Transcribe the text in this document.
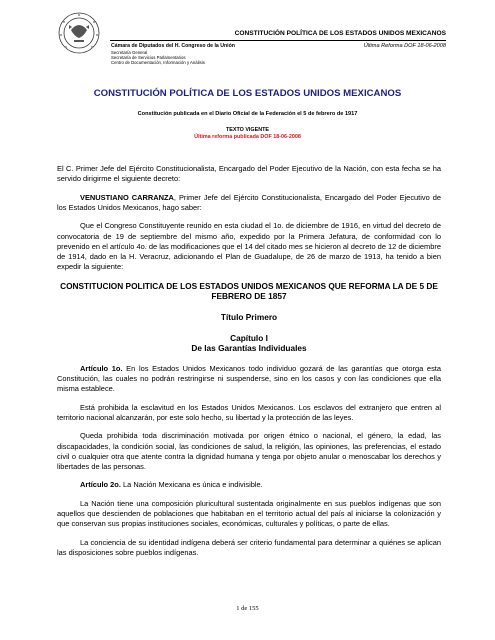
CONSTITUCIÓN POLÍTICA DE LOS ESTADOS UNIDOS MEXICANOS
Cámara de Diputados del H. Congreso de la Unión	Última Reforma DOF 18-06-2008
Secretaría General
Secretaría de Servicios Parlamentarios
Centro de Documentación, Información y Análisis
CONSTITUCIÓN POLÍTICA DE LOS ESTADOS UNIDOS MEXICANOS
Constitución publicada en el Diario Oficial de la Federación el 5 de febrero de 1917
TEXTO VIGENTE
Última reforma publicada DOF 18-06-2008

El C. Primer Jefe del Ejército Constitucionalista, Encargado del Poder Ejecutivo de la Nación, con esta fecha se ha servido dirigirme el siguiente decreto:

VENUSTIANO CARRANZA, Primer Jefe del Ejército Constitucionalista, Encargado del Poder Ejecutivo de los Estados Unidos Mexicanos, hago saber:

Que el Congreso Constituyente reunido en esta ciudad el 1o. de diciembre de 1916, en virtud del decreto de convocatoria de 19 de septiembre del mismo año, expedido por la Primera Jefatura, de conformidad con lo prevenido en el artículo 4o. de las modificaciones que el 14 del citado mes se hicieron al decreto de 12 de diciembre de 1914, dado en la H. Veracruz, adicionando el Plan de Guadalupe, de 26 de marzo de 1913, ha tenido a bien expedir la siguiente:

CONSTITUCION POLITICA DE LOS ESTADOS UNIDOS MEXICANOS QUE REFORMA LA DE 5 DE FEBRERO DE 1857
Título Primero
Capítulo I
De las Garantías Individuales

Artículo 1o. En los Estados Unidos Mexicanos todo individuo gozará de las garantías que otorga esta Constitución, las cuales no podrán restringirse ni suspenderse, sino en los casos y con las condiciones que ella misma establece.

Está prohibida la esclavitud en los Estados Unidos Mexicanos. Los esclavos del extranjero que entren al territorio nacional alcanzarán, por este solo hecho, su libertad y la protección de las leyes.

Queda prohibida toda discriminación motivada por origen étnico o nacional, el género, la edad, las discapacidades, la condición social, las condiciones de salud, la religión, las opiniones, las preferencias, el estado civil o cualquier otra que atente contra la dignidad humana y tenga por objeto anular o menoscabar los derechos y libertades de las personas.

Artículo 2o. La Nación Mexicana es única e indivisible.

La Nación tiene una composición pluricultural sustentada originalmente en sus pueblos indígenas que son aquellos que descienden de poblaciones que habitaban en el territorio actual del país al iniciarse la colonización y que conservan sus propias instituciones sociales, económicas, culturales y políticas, o parte de ellas.

La conciencia de su identidad indígena deberá ser criterio fundamental para determinar a quiénes se aplican las disposiciones sobre pueblos indígenas.

1 de 155
